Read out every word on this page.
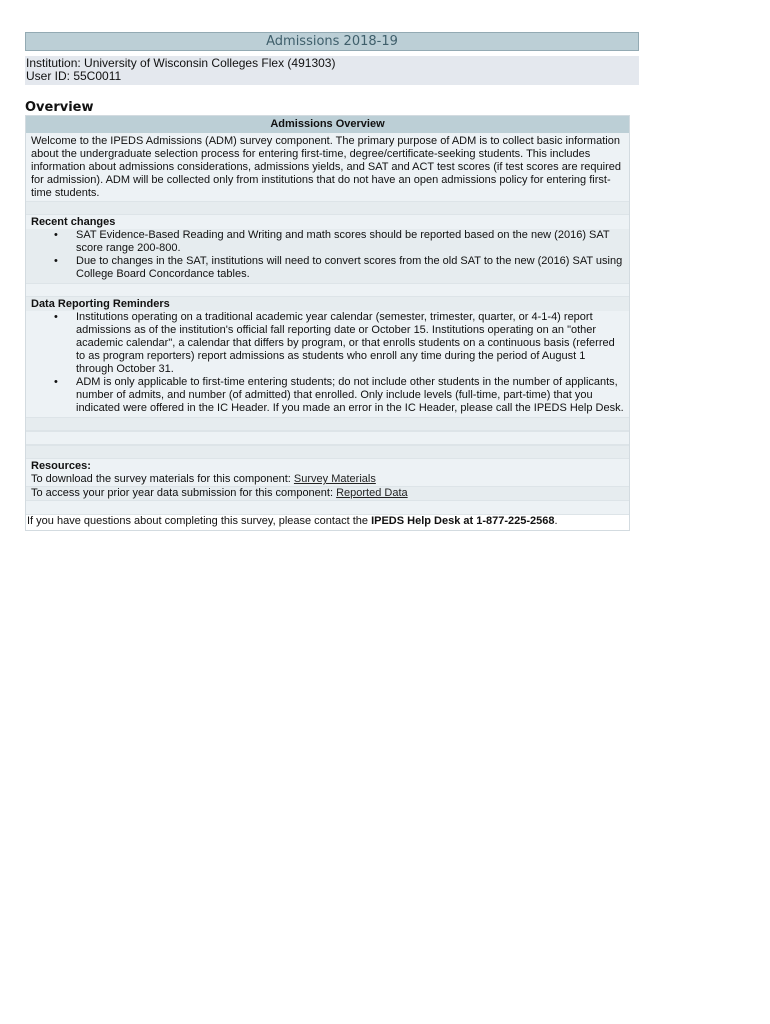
Admissions 2018-19
Institution: University of Wisconsin Colleges Flex (491303)
User ID: 55C0011
Overview
Admissions Overview
Welcome to the IPEDS Admissions (ADM) survey component. The primary purpose of ADM is to collect basic information about the undergraduate selection process for entering first-time, degree/certificate-seeking students. This includes information about admissions considerations, admissions yields, and SAT and ACT test scores (if test scores are required for admission). ADM will be collected only from institutions that do not have an open admissions policy for entering first-time students.
Recent changes
• SAT Evidence-Based Reading and Writing and math scores should be reported based on the new (2016) SAT score range 200-800.
• Due to changes in the SAT, institutions will need to convert scores from the old SAT to the new (2016) SAT using College Board Concordance tables.
Data Reporting Reminders
• Institutions operating on a traditional academic year calendar (semester, trimester, quarter, or 4-1-4) report admissions as of the institution's official fall reporting date or October 15. Institutions operating on an "other academic calendar", a calendar that differs by program, or that enrolls students on a continuous basis (referred to as program reporters) report admissions as students who enroll any time during the period of August 1 through October 31.
• ADM is only applicable to first-time entering students; do not include other students in the number of applicants, number of admits, and number (of admitted) that enrolled. Only include levels (full-time, part-time) that you indicated were offered in the IC Header. If you made an error in the IC Header, please call the IPEDS Help Desk.
Resources:
To download the survey materials for this component: Survey Materials
To access your prior year data submission for this component: Reported Data
If you have questions about completing this survey, please contact the IPEDS Help Desk at 1-877-225-2568.
